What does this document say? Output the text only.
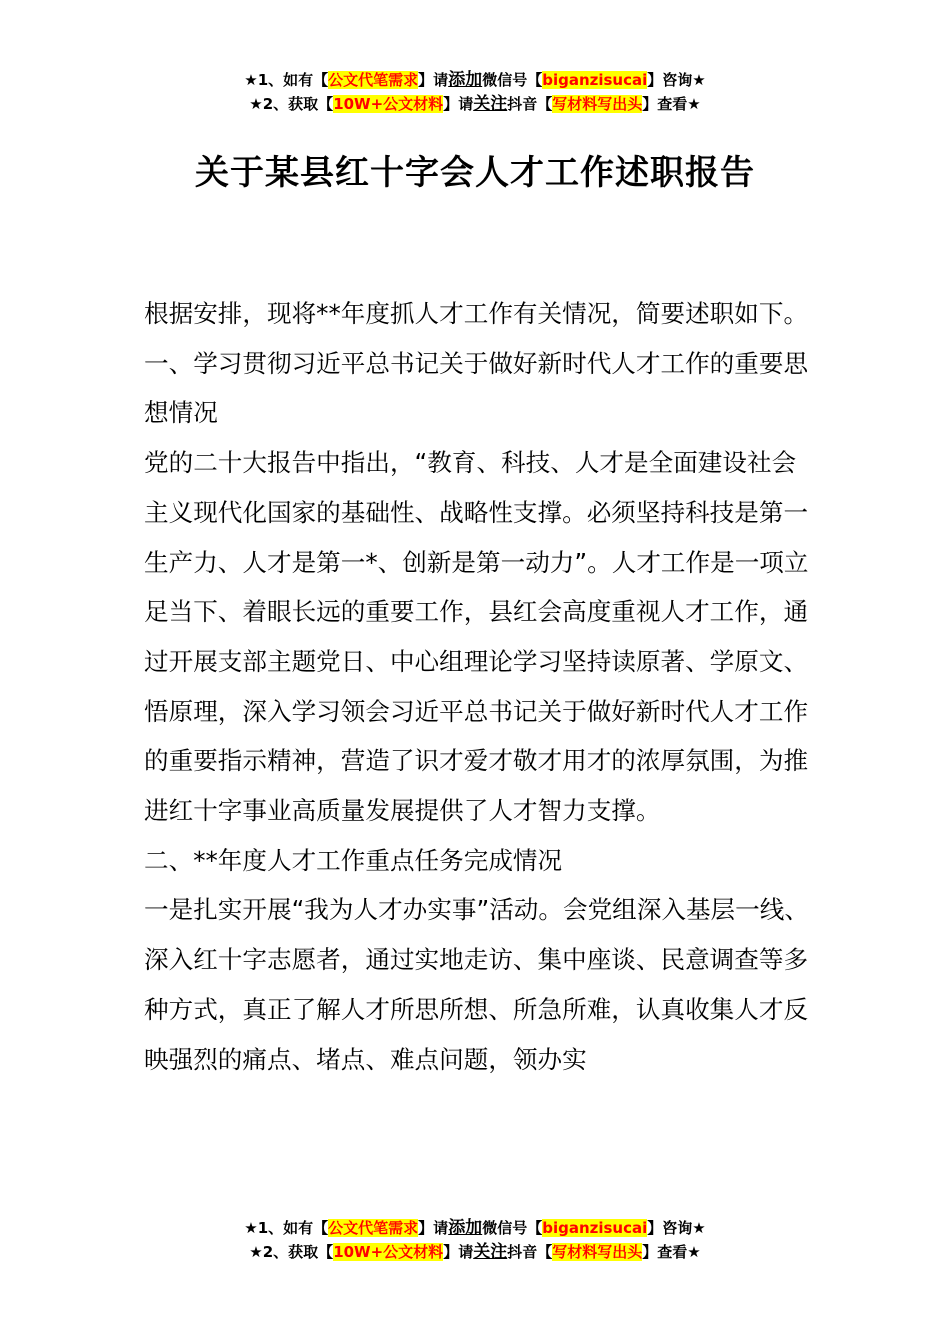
★1、如有【公文代笔需求】请添加微信号【biganzisucai】咨询★
★2、获取【10W+公文材料】请关注抖音【写材料写出头】查看★
关于某县红十字会人才工作述职报告

根据安排，现将**年度抓人才工作有关情况，简要述职如下。

一、学习贯彻习近平总书记关于做好新时代人才工作的重要思想情况

党的二十大报告中指出，“教育、科技、人才是全面建设社会主义现代化国家的基础性、战略性支撑。必须坚持科技是第一生产力、人才是第一*、创新是第一动力”。人才工作是一项立足当下、着眼长远的重要工作，县红会高度重视人才工作，通过开展支部主题党日、中心组理论学习坚持读原著、学原文、悟原理，深入学习领会习近平总书记关于做好新时代人才工作的重要指示精神，营造了识才爱才敬才用才的浓厚氛围，为推进红十字事业高质量发展提供了人才智力支撑。

二、**年度人才工作重点任务完成情况

一是扎实开展“我为人才办实事”活动。会党组深入基层一线、深入红十字志愿者，通过实地走访、集中座谈、民意调查等多种方式，真正了解人才所思所想、所急所难，认真收集人才反映强烈的痛点、堵点、难点问题，领办实

★1、如有【公文代笔需求】请添加微信号【biganzisucai】咨询★
★2、获取【10W+公文材料】请关注抖音【写材料写出头】查看★
